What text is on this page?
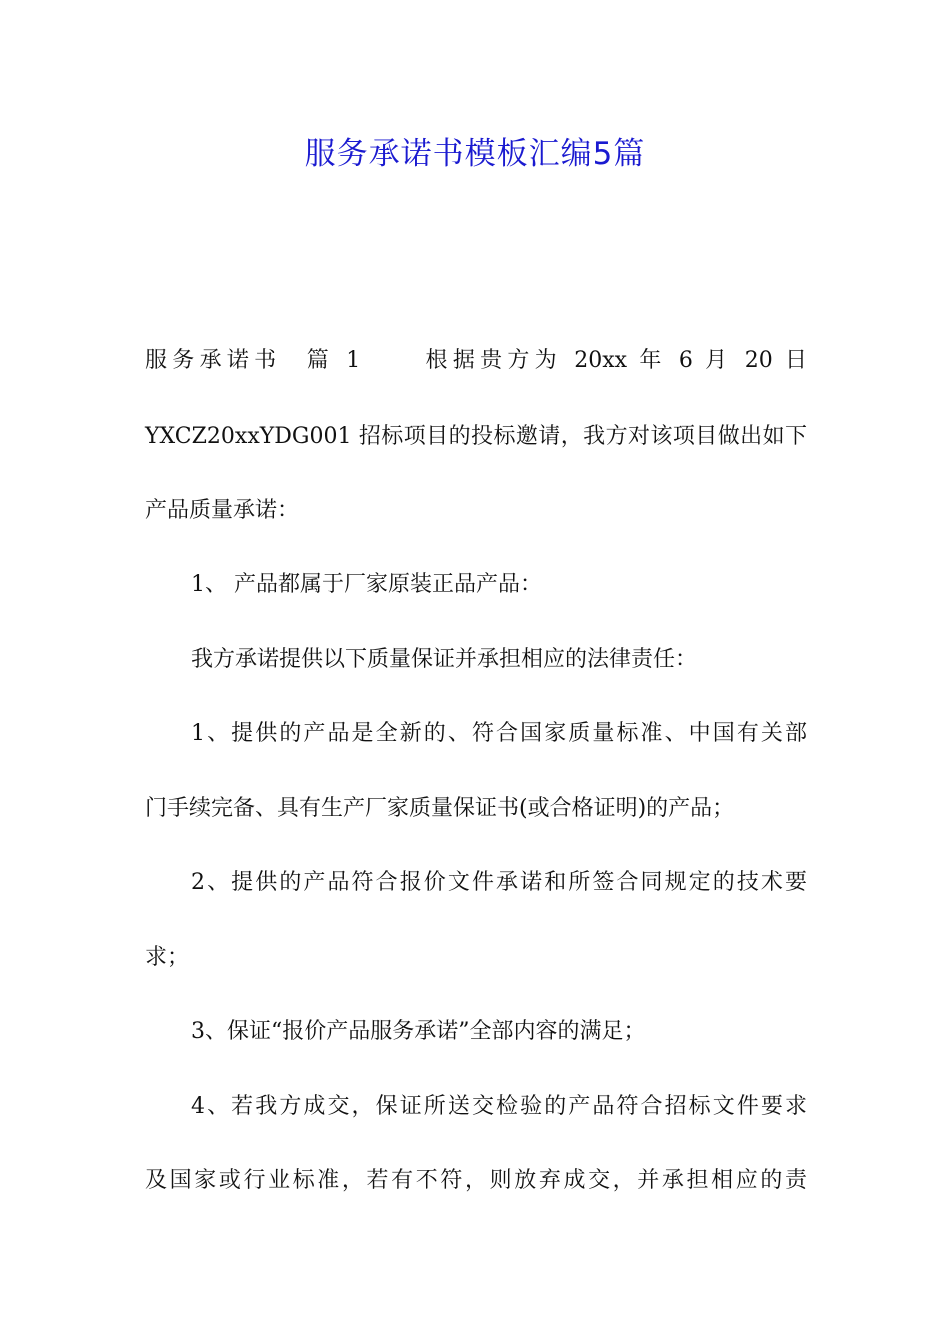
服务承诺书模板汇编5篇
服务承诺书 篇 1	根据贵方为 20xx 年 6 月 20 日
YXCZ20xxYDG001 招标项目的投标邀请，我方对该项目做出如下
产品质量承诺：
1、 产品都属于厂家原装正品产品：
我方承诺提供以下质量保证并承担相应的法律责任：
1、提供的产品是全新的、符合国家质量标准、中国有关部
门手续完备、具有生产厂家质量保证书(或合格证明)的产品；
2、提供的产品符合报价文件承诺和所签合同规定的技术要
求；
3、保证“报价产品服务承诺”全部内容的满足；
4、若我方成交，保证所送交检验的产品符合招标文件要求
及国家或行业标准，若有不符，则放弃成交，并承担相应的责
